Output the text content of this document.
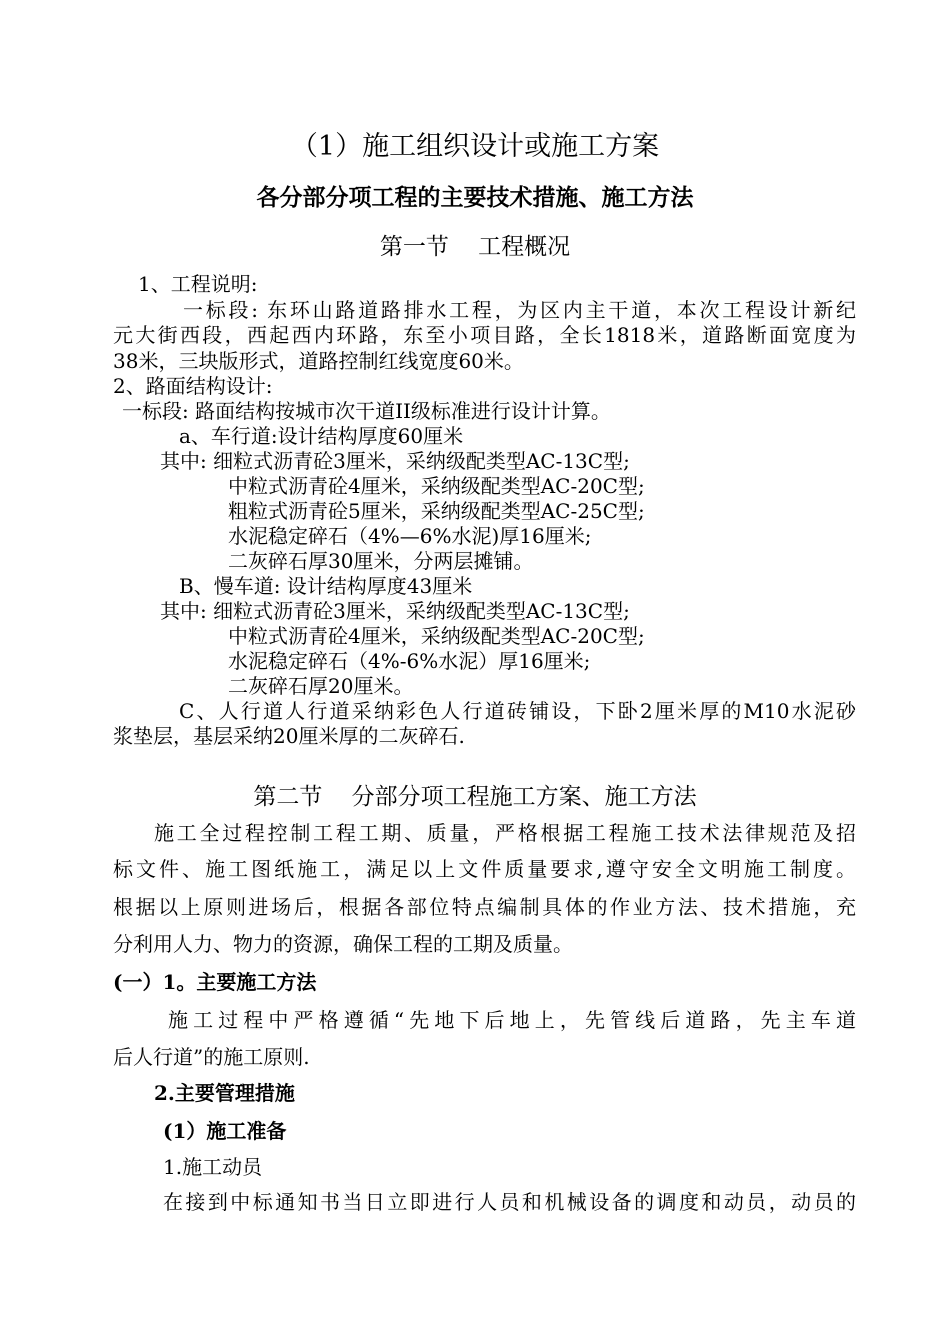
（1）施工组织设计或施工方案
各分部分项工程的主要技术措施、施工方法
第一节    工程概况
1、工程说明:
一标段: 东环山路道路排水工程，为区内主干道，本次工程设计新纪
元大街西段，西起西内环路，东至小项目路，全长1818米，道路断面宽度为
38米，三块版形式，道路控制红线宽度60米。
2、路面结构设计:
一标段: 路面结构按城市次干道II级标准进行设计计算。
a、车行道:设计结构厚度60厘米
其中: 细粒式沥青砼3厘米，采纳级配类型AC-13C型;
中粒式沥青砼4厘米，采纳级配类型AC-20C型;
粗粒式沥青砼5厘米，采纳级配类型AC-25C型;
水泥稳定碎石（4%—6%水泥)厚16厘米;
二灰碎石厚30厘米，分两层摊铺。
B、慢车道: 设计结构厚度43厘米
其中: 细粒式沥青砼3厘米，采纳级配类型AC-13C型;
中粒式沥青砼4厘米，采纳级配类型AC-20C型;
水泥稳定碎石（4%-6%水泥）厚16厘米;
二灰碎石厚20厘米。
C、人行道人行道采纳彩色人行道砖铺设，下卧2厘米厚的M10水泥砂
浆垫层，基层采纳20厘米厚的二灰碎石.
第二节    分部分项工程施工方案、施工方法
施工全过程控制工程工期、质量，严格根据工程施工技术法律规范及招
标文件、施工图纸施工，满足以上文件质量要求,遵守安全文明施工制度。
根据以上原则进场后，根据各部位特点编制具体的作业方法、技术措施，充
分利用人力、物力的资源，确保工程的工期及质量。
(一）1。主要施工方法
施工过程中严格遵循“先地下后地上，先管线后道路，先主车道
后人行道”的施工原则.
2.主要管理措施
(1）施工准备
1.施工动员
在接到中标通知书当日立即进行人员和机械设备的调度和动员，动员的
